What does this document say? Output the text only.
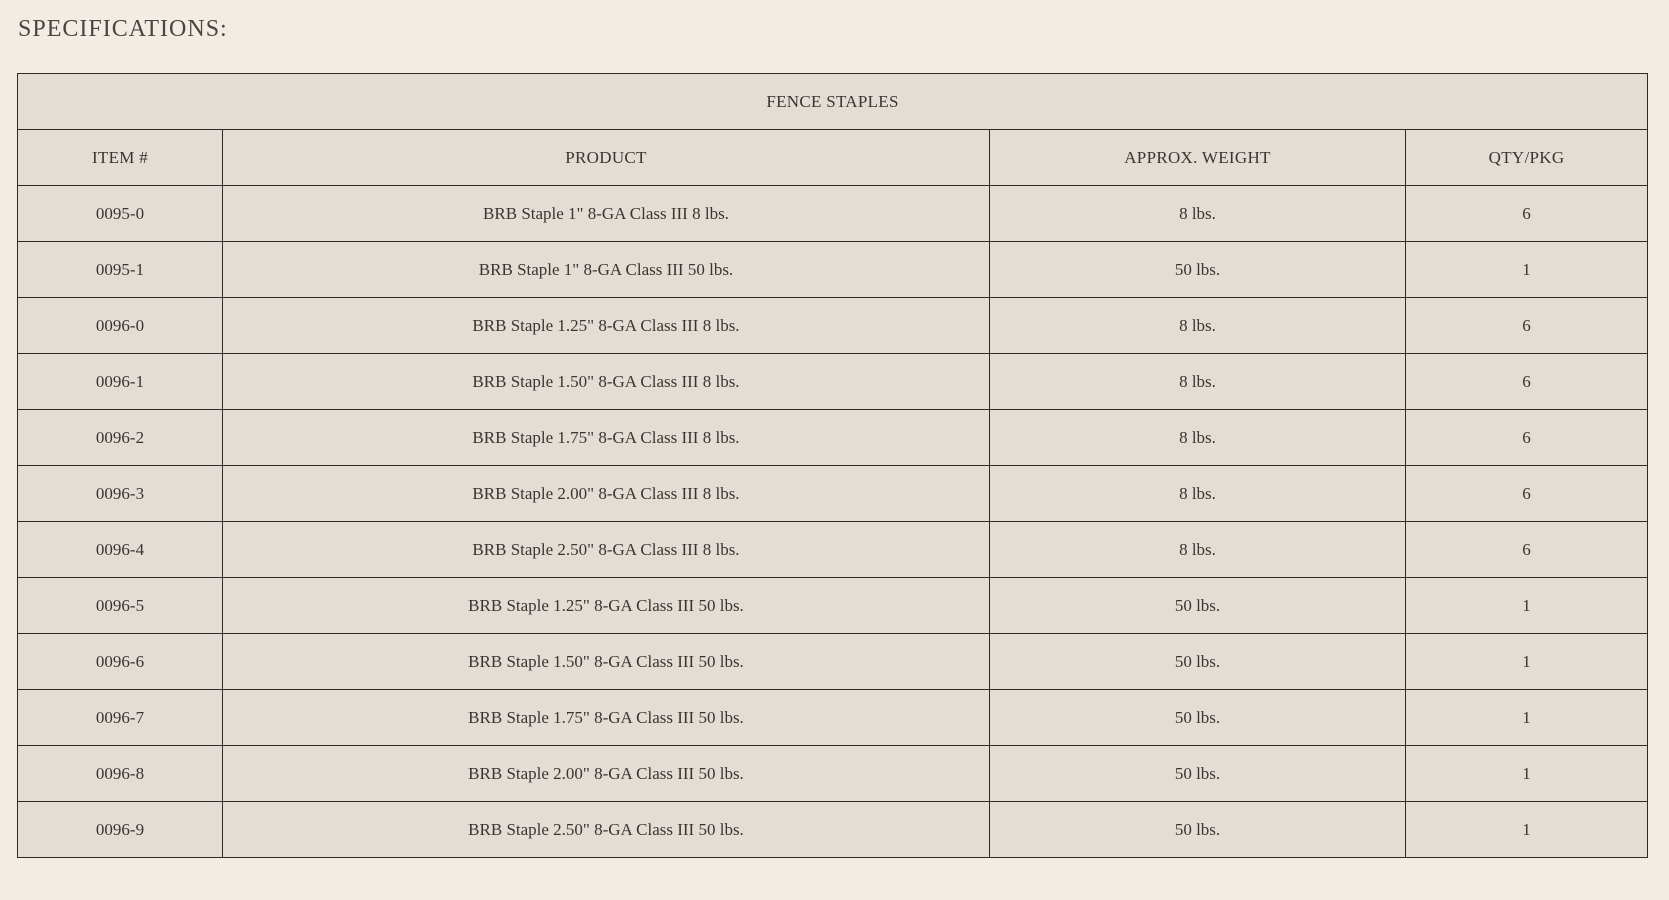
SPECIFICATIONS:
FENCE STAPLES			
ITEM #	PRODUCT	APPROX. WEIGHT	QTY/PKG
0095-0	BRB Staple 1" 8-GA Class III 8 lbs.	8 lbs.	6
0095-1	BRB Staple 1" 8-GA Class III 50 lbs.	50 lbs.	1
0096-0	BRB Staple 1.25" 8-GA Class III 8 lbs.	8 lbs.	6
0096-1	BRB Staple 1.50" 8-GA Class III 8 lbs.	8 lbs.	6
0096-2	BRB Staple 1.75" 8-GA Class III 8 lbs.	8 lbs.	6
0096-3	BRB Staple 2.00" 8-GA Class III 8 lbs.	8 lbs.	6
0096-4	BRB Staple 2.50" 8-GA Class III 8 lbs.	8 lbs.	6
0096-5	BRB Staple 1.25" 8-GA Class III 50 lbs.	50 lbs.	1
0096-6	BRB Staple 1.50" 8-GA Class III 50 lbs.	50 lbs.	1
0096-7	BRB Staple 1.75" 8-GA Class III 50 lbs.	50 lbs.	1
0096-8	BRB Staple 2.00" 8-GA Class III 50 lbs.	50 lbs.	1
0096-9	BRB Staple 2.50" 8-GA Class III 50 lbs.	50 lbs.	1
